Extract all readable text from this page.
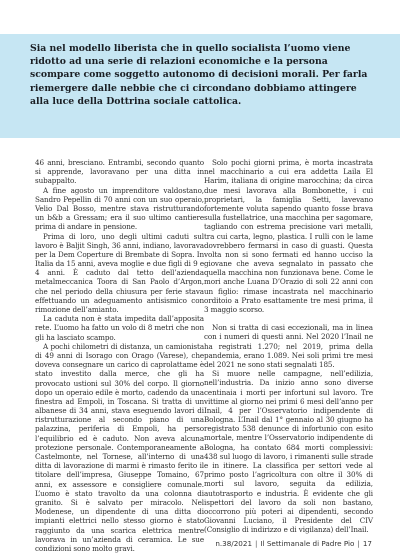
Sia nel modello liberista che in quello socialista l’uomo viene ridotto ad una serie di relazioni economiche e la persona scompare come soggetto autonomo di decisioni morali. Per farla riemergere dalle nebbie che ci circondano dobbiamo attingere alla luce della Dottrina sociale cattolica.

46 anni, bresciano. Entrambi, secondo quanto si apprende, lavoravano per una ditta in subappalto.

A fine agosto un imprenditore valdostano, Sandro Pepellin di 70 anni con un suo operaio, Velio Dal Bosso, mentre stava ristrutturando un b&b a Gressam; era il suo ultimo cantiere prima di andare in pensione.

Prima di loro, uno degli ultimi caduti sul lavoro è Baljit Singh, 36 anni, indiano, lavorava per la Dem Coperture di Brembate di Sopra. In Italia da 15 anni, aveva moglie e due figli di 9 e 4 anni. È caduto dal tetto dell’azienda metalmeccanica Toora di San Paolo d’Argon, che nel periodo della chiusura per ferie stava effettuando un adeguamento antisismico con rimozione dell’amianto.

La caduta non è stata impedita dall’apposita rete. L’uomo ha fatto un volo di 8 metri che non gli ha lasciato scampo.

A pochi chilometri di distanza, un camionista di 49 anni di Isorago con Orago (Varese), che doveva consegnare un carico di caprolattame è stato investito dalla merce, che gli ha provocato ustioni sul 30% del corpo. Il giorno dopo un operaio edile è morto, cadendo da una finestra ad Empoli, in Toscana. Si tratta di un albanese di 34 anni, stava eseguendo lavori di ristrutturazione al secondo piano di una palazzina, periferia di Empoli, ha perso l’equilibrio ed è caduto. Non aveva alcuna protezione personale. Contemporaneamente a Castelmonte, nel Tornese, all’interno di una ditta di lavorazione di marmi è rimasto ferito il titolare dell’impresa, Giuseppe Tomaino, 67 anni, ex assessore e consigliere comunale. L’uomo è stato travolto da una colonna di granito. Si è salvato per miracolo. Nel Modenese, un dipendente di una ditta di impianti elettrici nello stesso giorno è stato raggiunto da una scarica elettrica mentre lavorava in un’azienda di ceramica. Le sue condizioni sono molto gravi.

Solo pochi giorni prima, è morta incastrata nel macchinario a cui era addetta Laila El Harim, italiana di origine marocchina; da circa due mesi lavorava alla Bombonette, i cui proprietari, la famiglia Setti, lavevano fortemente voluta sapendo quanto fosse brava sulla fustellatrice, una macchina per sagomare, tagliando con estrema precisione vari metalli, tra cui carta, legno, plastica. I rulli con le lame dovrebbero fermarsi in caso di guasti. Questa volta non si sono fermati ed hanno ucciso la giovane che aveva segnalato in passato che quella macchina non funzionava bene. Come le mori anche Luana D’Orazio di soli 22 anni con un figlio: rimase incastrata nel macchinario orditoio a Prato esattamente tre mesi prima, il 3 maggio scorso.

Non si tratta di casi eccezionali, ma in linea con i numeri di questi anni. Nel 2020 l’Inail ne ha registrati 1.270; nel 2019, prima della pandemia, erano 1.089. Nei soli primi tre mesi del 2021 ne sono stati segnalati 185.

Si muore nelle campagne, nell’edilizia, nell’industria. Da inizio anno sono diverse centinaia i morti per infortuni sul lavoro. Tre vittime al giorno nei primi 6 mesi dell’anno per Inail, 4 per l’Osservatorio indipendente di Bologna. L’Inail dal 1° gennaio al 30 giugno ha registrato 538 denunce di infortunio con esito mortale, mentre l’Osservatorio indipendente di Bologna, ha contato 684 morti complessivi: 438 sul luogo di lavoro, i rimanenti sulle strade e in itinere. La classifica per settori vede al primo posto l’agricoltura con oltre il 30% di morti sul lavoro, seguita da edilizia, autotrasporto e industria. È evidente che gli ispettori del lavoro da soli non bastano, occorrono più poteri ai dipendenti, secondo Giovanni Luciano, il Presidente del CIV (Consiglio di indirizzo e di vigilanza) dell’Inail.

n.38/2021 | Il Settimanale di Padre Pio | 17
